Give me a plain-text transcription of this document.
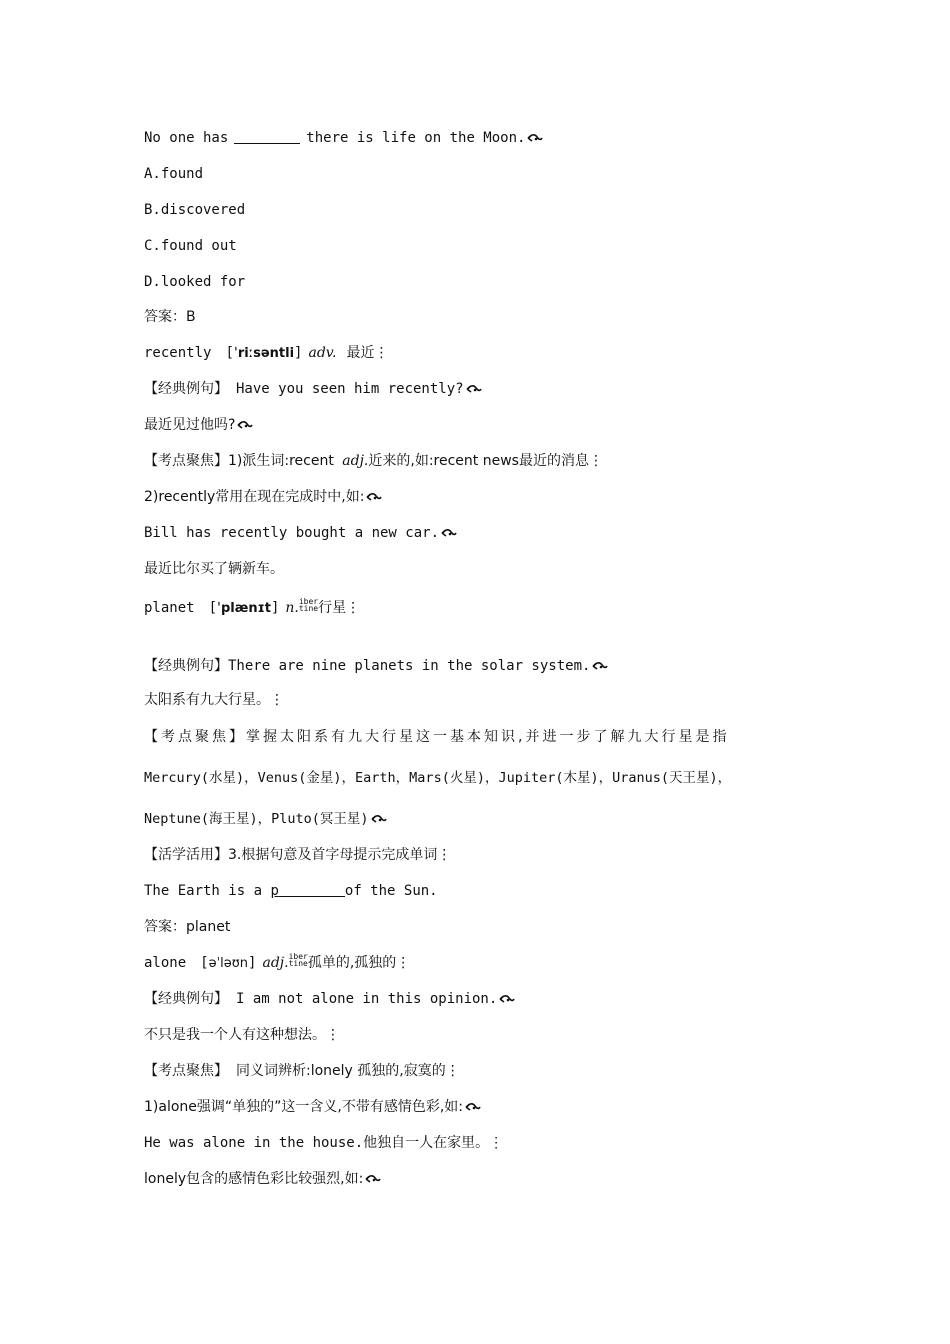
No one has	there is life on the Moon.
A.found
B.discovered
C.found out
D.looked for
答案：B
recently [ˈriːsəntli] adv. 最近⋮
【经典例句】 Have you seen him recently?
最近见过他吗?
【考点聚焦】1)派生词:recent adj.近来的,如:recent news最近的消息⋮
2)recently常用在现在完成时中,如:
Bill has recently bought a new car.
最近比尔买了辆新车。
planet [ˈplænɪt] n.iber
tine行星⋮
【经典例句】There are nine planets in the solar system.
太阳系有九大行星。⋮
【考点聚焦】掌握太阳系有九大行星这一基本知识,并进一步了解九大行星是指
Mercury(水星)，Venus(金星)，Earth，Mars(火星)，Jupiter(木星)，Uranus(天王星)，
Neptune(海王星)，Pluto(冥王星)
【活学活用】3.根据句意及首字母提示完成单词⋮
The Earth is a p	of the Sun.
答案：planet
alone [əˈləʊn] adj.iber
tine孤单的,孤独的⋮
【经典例句】 I am not alone in this opinion.
不只是我一个人有这种想法。⋮
【考点聚焦】 同义词辨析:lonely 孤独的,寂寞的⋮
1)alone强调“单独的”这一含义,不带有感情色彩,如:
He was alone in the house.他独自一人在家里。⋮
lonely包含的感情色彩比较强烈,如:
